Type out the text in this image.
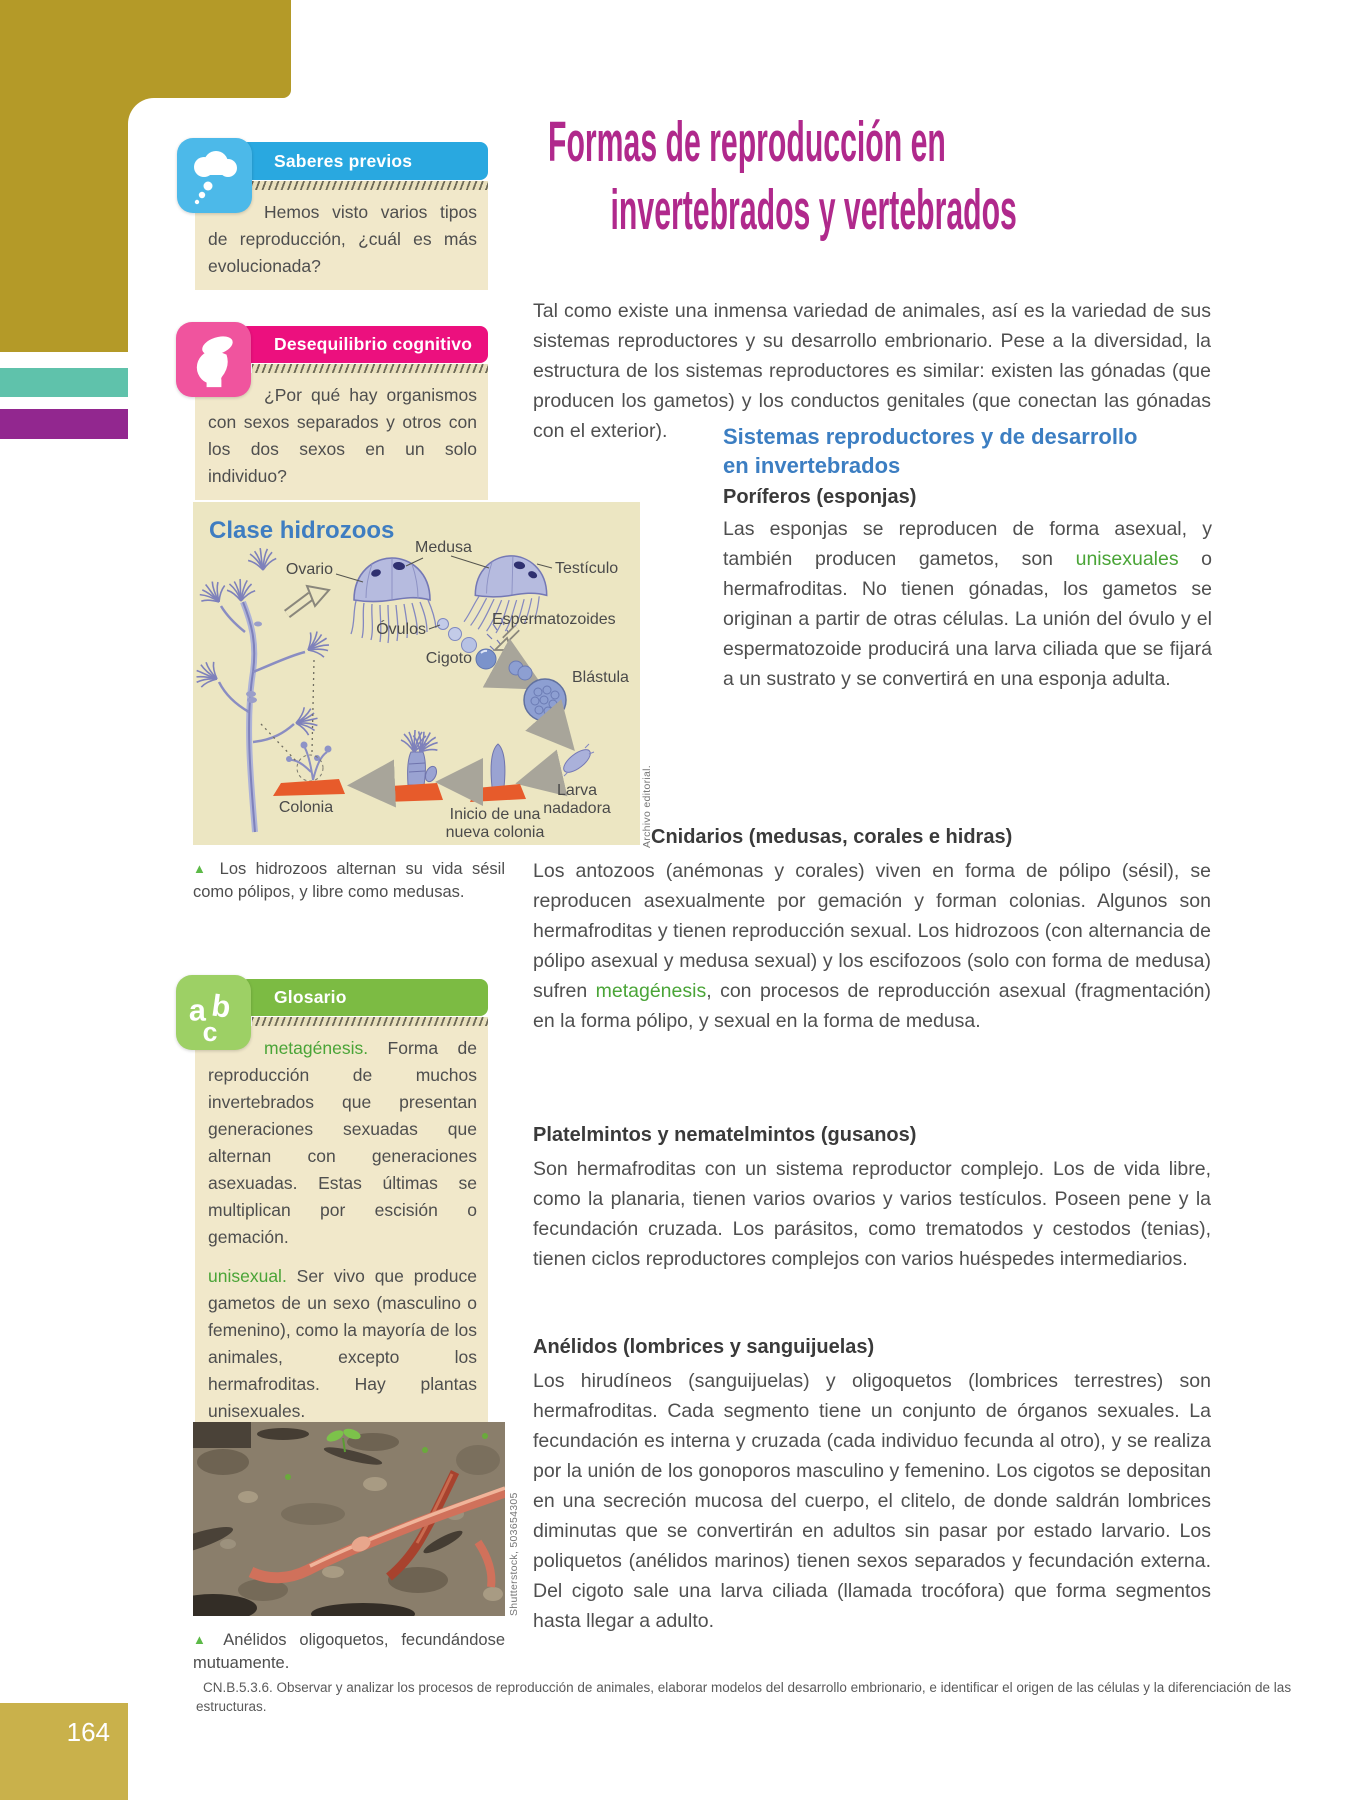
Saberes previos

Hemos visto varios tipos de reproducción, ¿cuál es más evolucionada?

Desequilibrio cognitivo

¿Por qué hay organismos con sexos separados y otros con los dos sexos en un solo individuo?

Formas de reproducción en
invertebrados y vertebrados

Tal como existe una inmensa variedad de animales, así es la variedad de sus sistemas reproductores y su desarrollo embrionario. Pese a la diversidad, la estructura de los sistemas reproductores es similar: existen las gónadas (que producen los gametos) y los conductos genitales (que conectan las gónadas con el exterior).

Clase hidrozoos
Medusa
Ovario	Testículo
Óvulos
Espermatozoides
Cigoto
Blástula
Larva
nadadora
Inicio de una
nueva colonia
Colonia	Archivo editorial.
▲ Los hidrozoos alternan su vida sésil como pólipos, y libre como medusas.
Sistemas reproductores y de desarrollo
en invertebrados
Poríferos (esponjas)

Las esponjas se reproducen de forma asexual, y también producen gametos, son unisexuales o hermafroditas. No tienen gónadas, los gametos se originan a partir de otras células. La unión del óvulo y el espermatozoide producirá una larva ciliada que se fijará a un sustrato y se convertirá en una esponja adulta.

Cnidarios (medusas, corales e hidras)

Los antozoos (anémonas y corales) viven en forma de pólipo (sésil), se reproducen asexualmente por gemación y forman colonias. Algunos son hermafroditas y tienen reproducción sexual. Los hidrozoos (con alternancia de pólipo asexual y medusa sexual) y los escifozoos (solo con forma de medusa) sufren metagénesis, con procesos de reproducción asexual (fragmentación) en la forma pólipo, y sexual en la forma de medusa.

Platelmintos y nematelmintos (gusanos)

Son hermafroditas con un sistema reproductor complejo. Los de vida libre, como la planaria, tienen varios ovarios y varios testículos. Poseen pene y la fecundación cruzada. Los parásitos, como trematodos y cestodos (tenias), tienen ciclos reproductores complejos con varios huéspedes intermediarios.

Anélidos (lombrices y sanguijuelas)

Los hirudíneos (sanguijuelas) y oligoquetos (lombrices terrestres) son hermafroditas. Cada segmento tiene un conjunto de órganos sexuales. La fecundación es interna y cruzada (cada individuo fecunda al otro), y se realiza por la unión de los gonoporos masculino y femenino. Los cigotos se depositan en una secreción mucosa del cuerpo, el clitelo, de donde saldrán lombrices diminutas que se convertirán en adultos sin pasar por estado larvario. Los poliquetos (anélidos marinos) tienen sexos separados y fecundación externa. Del cigoto sale una larva ciliada (llamada trocófora) que forma segmentos hasta llegar a adulto.

Glosario

metagénesis. Forma de reproducción de muchos invertebrados que presentan generaciones sexuadas que alternan con generaciones asexuadas. Estas últimas se multiplican por escisión o gemación.

unisexual. Ser vivo que produce gametos de un sexo (masculino o femenino), como la mayoría de los animales, excepto los hermafroditas. Hay plantas unisexuales.

a b
c
Shutterstock, 503654305
▲ Anélidos oligoquetos, fecundándose mutuamente.

CN.B.5.3.6. Observar y analizar los procesos de reproducción de animales, elaborar modelos del desarrollo embrionario, e identificar el origen de las células y la diferenciación de las estructuras.

164
